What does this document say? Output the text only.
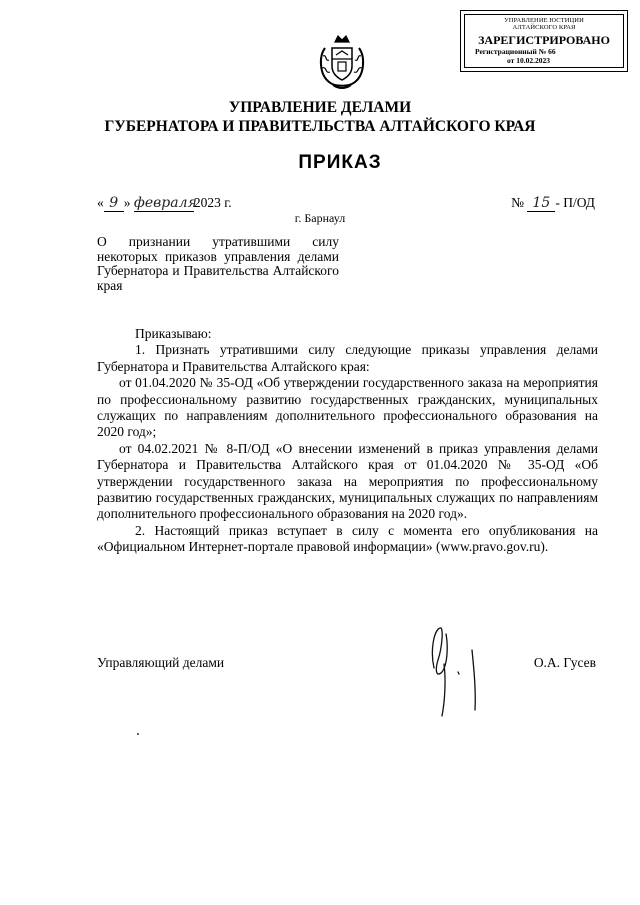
УПРАВЛЕНИЕ ЮСТИЦИИ
АЛТАЙСКОГО КРАЯ
ЗАРЕГИСТРИРОВАНО
Регистрационный № 66
от 10.02.2023
УПРАВЛЕНИЕ ДЕЛАМИ
ГУБЕРНАТОРА И ПРАВИТЕЛЬСТВА АЛТАЙСКОГО КРАЯ
ПРИКАЗ
« 9 » февраля2023 г.	№ 15 - П/ОД
г. Барнаул
О признании утратившими силу некоторых приказов управления делами Губернатора и Правительства Алтайского края

Приказываю:

1. Признать утратившими силу следующие приказы управления делами Губернатора и Правительства Алтайского края:

от 01.04.2020 № 35-ОД «Об утверждении государственного заказа на мероприятия по профессиональному развитию государственных гражданских, муниципальных служащих по направлениям дополнительного профессионального образования на 2020 год»;

от 04.02.2021 № 8-П/ОД «О внесении изменений в приказ управления делами Губернатора и Правительства Алтайского края от 01.04.2020 № 35-ОД «Об утверждении государственного заказа на мероприятия по профессиональному развитию государственных гражданских, муниципальных служащих по направлениям дополнительного профессионального образования на 2020 год».

2. Настоящий приказ вступает в силу с момента его опубликования на «Официальном Интернет-портале правовой информации» (www.pravo.gov.ru).

Управляющий делами	О.А. Гусев
